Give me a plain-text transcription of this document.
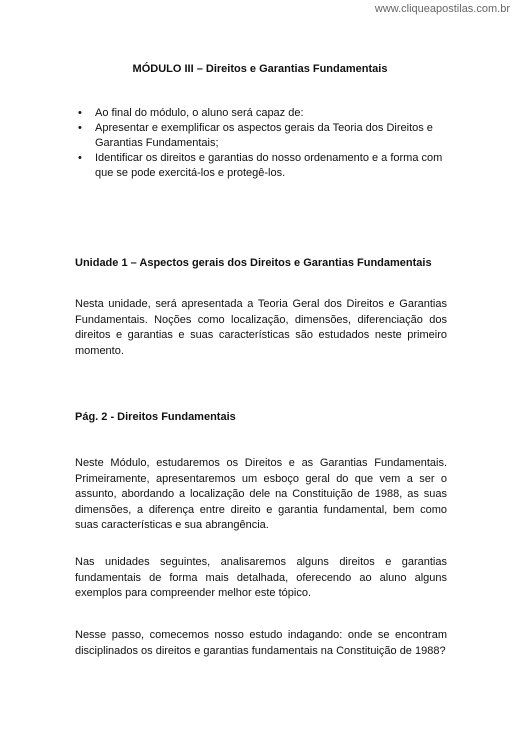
www.cliqueapostilas.com.br
MÓDULO III – Direitos e Garantias Fundamentais
• Ao final do módulo, o aluno será capaz de:
• Apresentar e exemplificar os aspectos gerais da Teoria dos Direitos e Garantias Fundamentais;
• Identificar os direitos e garantias do nosso ordenamento e a forma com que se pode exercitá-los e protegê-los.
Unidade 1 – Aspectos gerais dos Direitos e Garantias Fundamentais

Nesta unidade, será apresentada a Teoria Geral dos Direitos e Garantias Fundamentais. Noções como localização, dimensões, diferenciação dos direitos e garantias e suas características são estudados neste primeiro momento.

Pág. 2 - Direitos Fundamentais

Neste Módulo, estudaremos os Direitos e as Garantias Fundamentais. Primeiramente, apresentaremos um esboço geral do que vem a ser o assunto, abordando a localização dele na Constituição de 1988, as suas dimensões, a diferença entre direito e garantia fundamental, bem como suas características e sua abrangência.

Nas unidades seguintes, analisaremos alguns direitos e garantias fundamentais de forma mais detalhada, oferecendo ao aluno alguns exemplos para compreender melhor este tópico.

Nesse passo, comecemos nosso estudo indagando: onde se encontram disciplinados os direitos e garantias fundamentais na Constituição de 1988?
